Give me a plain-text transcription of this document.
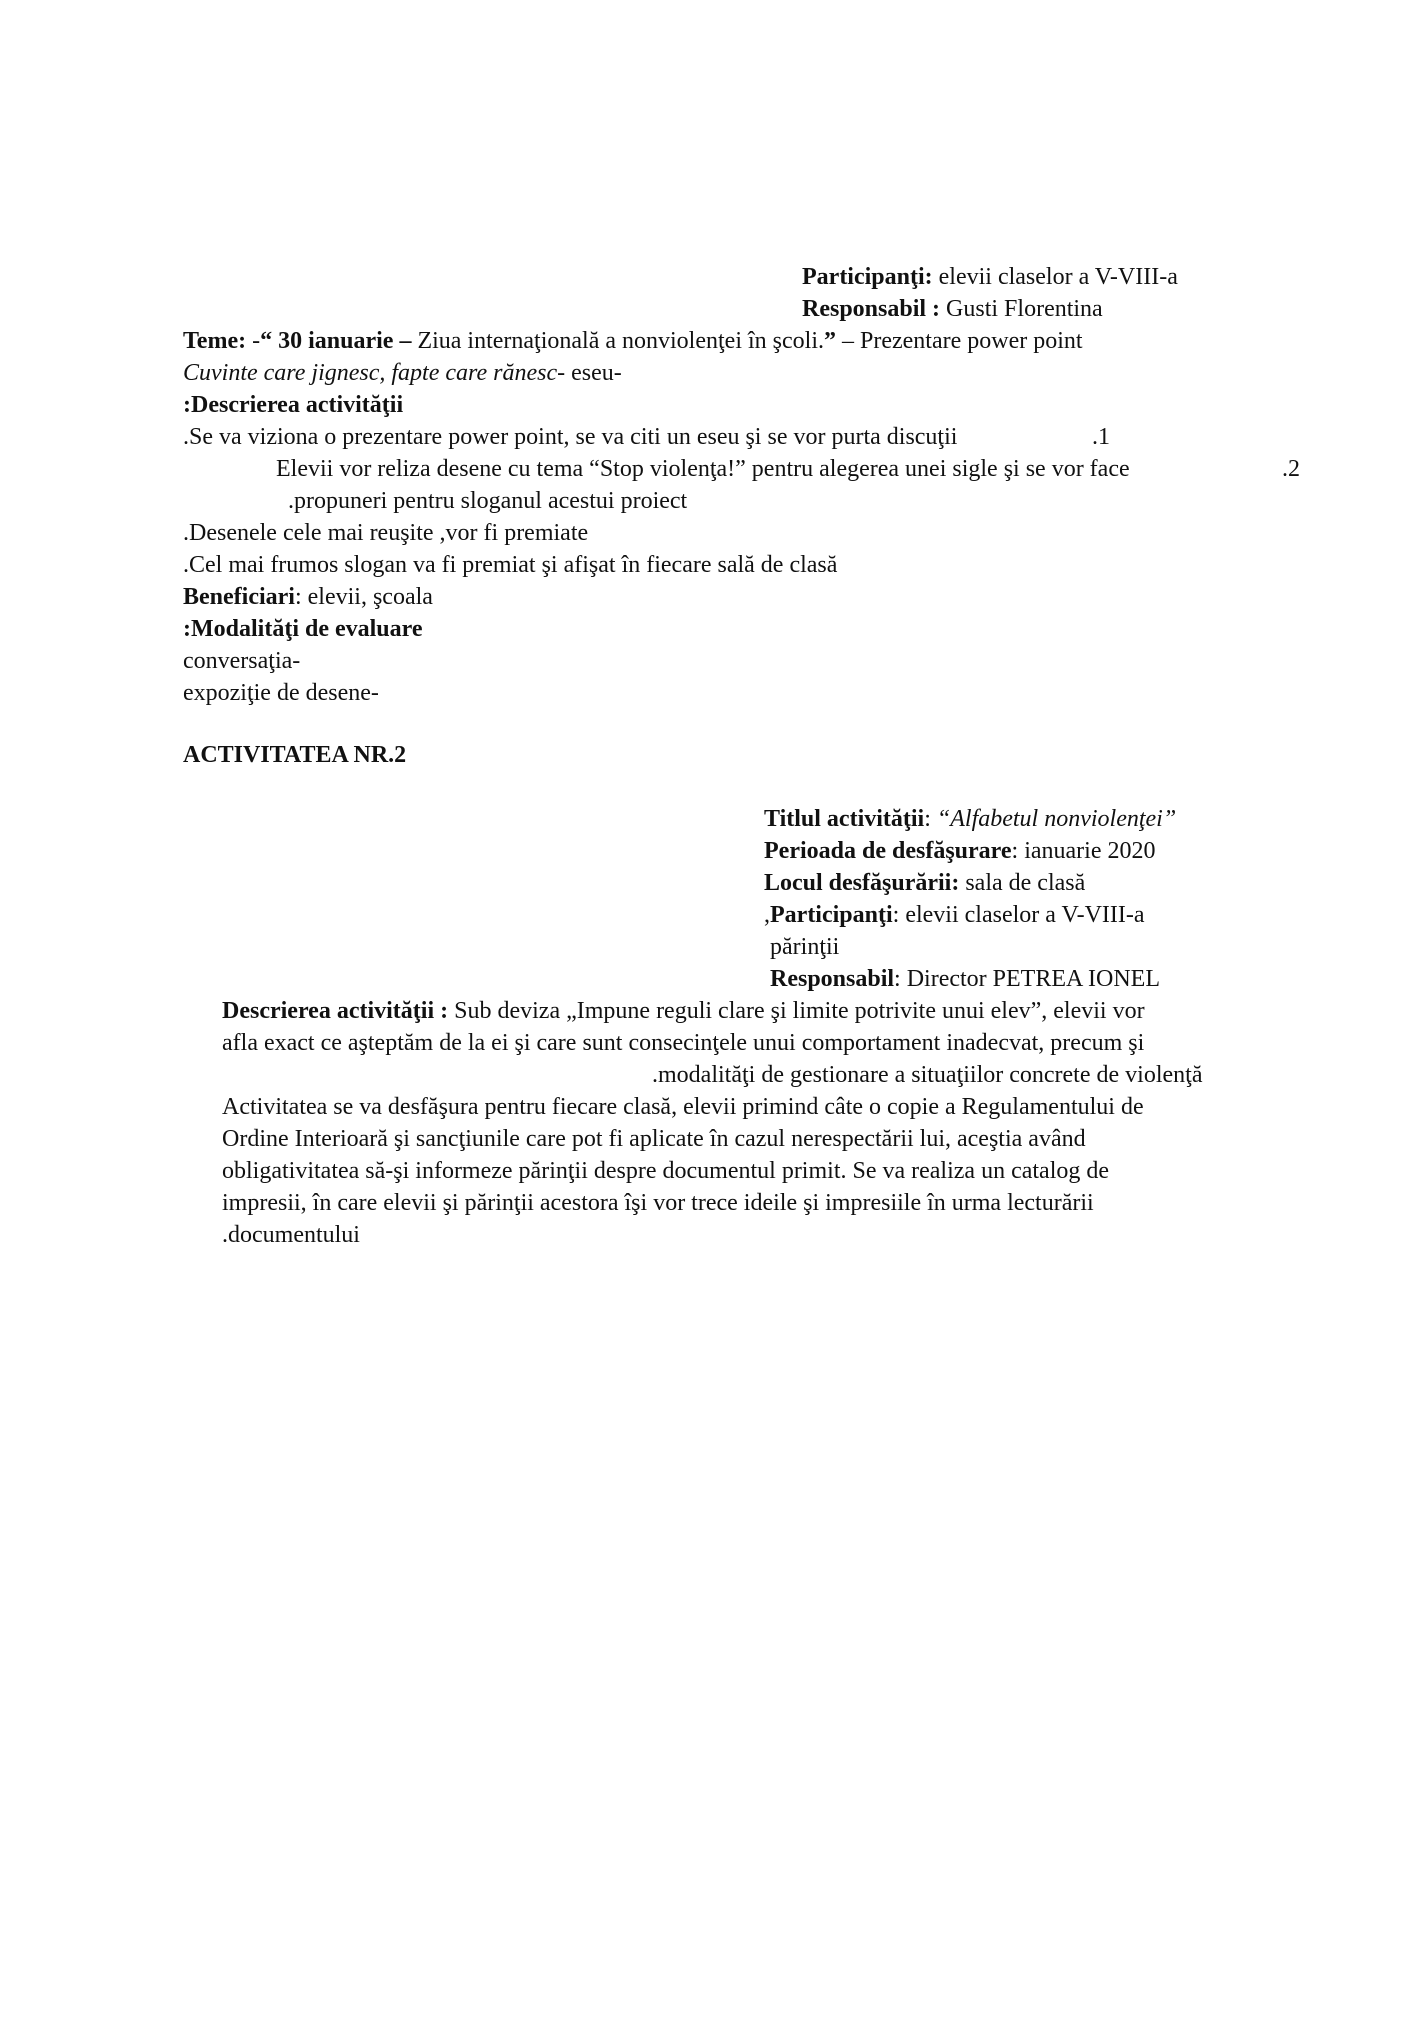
Participanţi: elevii claselor a V-VIII-a
Responsabil : Gusti Florentina
Teme: -“ 30 ianuarie – Ziua internaţională a nonviolenţei în şcoli.” – Prezentare power point
Cuvinte care jignesc, fapte care rănesc- eseu-
:Descrierea activităţii
.Se va viziona o prezentare power point, se va citi un eseu şi se vor purta discuţii	.1
Elevii vor reliza desene cu tema “Stop violenţa!” pentru alegerea unei sigle şi se vor face	.2
.propuneri pentru sloganul acestui proiect
.Desenele cele mai reuşite ,vor fi premiate
.Cel mai frumos slogan va fi premiat şi afişat în fiecare sală de clasă
Beneficiari: elevii, şcoala
:Modalităţi de evaluare
conversaţia-
expoziţie de desene-
ACTIVITATEA NR.2
Titlul activităţii: “Alfabetul nonviolenţei”
Perioada de desfăşurare: ianuarie 2020
Locul desfăşurării: sala de clasă
,Participanţi: elevii claselor a V-VIII-a
părinţii
Responsabil: Director PETREA IONEL
Descrierea activităţii : Sub deviza „Impune reguli clare şi limite potrivite unui elev”, elevii vor
afla exact ce aşteptăm de la ei şi care sunt consecinţele unui comportament inadecvat, precum şi
.modalităţi de gestionare a situaţiilor concrete de violenţă
Activitatea se va desfăşura pentru fiecare clasă, elevii primind câte o copie a Regulamentului de
Ordine Interioară şi sancţiunile care pot fi aplicate în cazul nerespectării lui, aceştia având
obligativitatea să-şi informeze părinţii despre documentul primit. Se va realiza un catalog de
impresii, în care elevii şi părinţii acestora îşi vor trece ideile şi impresiile în urma lecturării
.documentului
